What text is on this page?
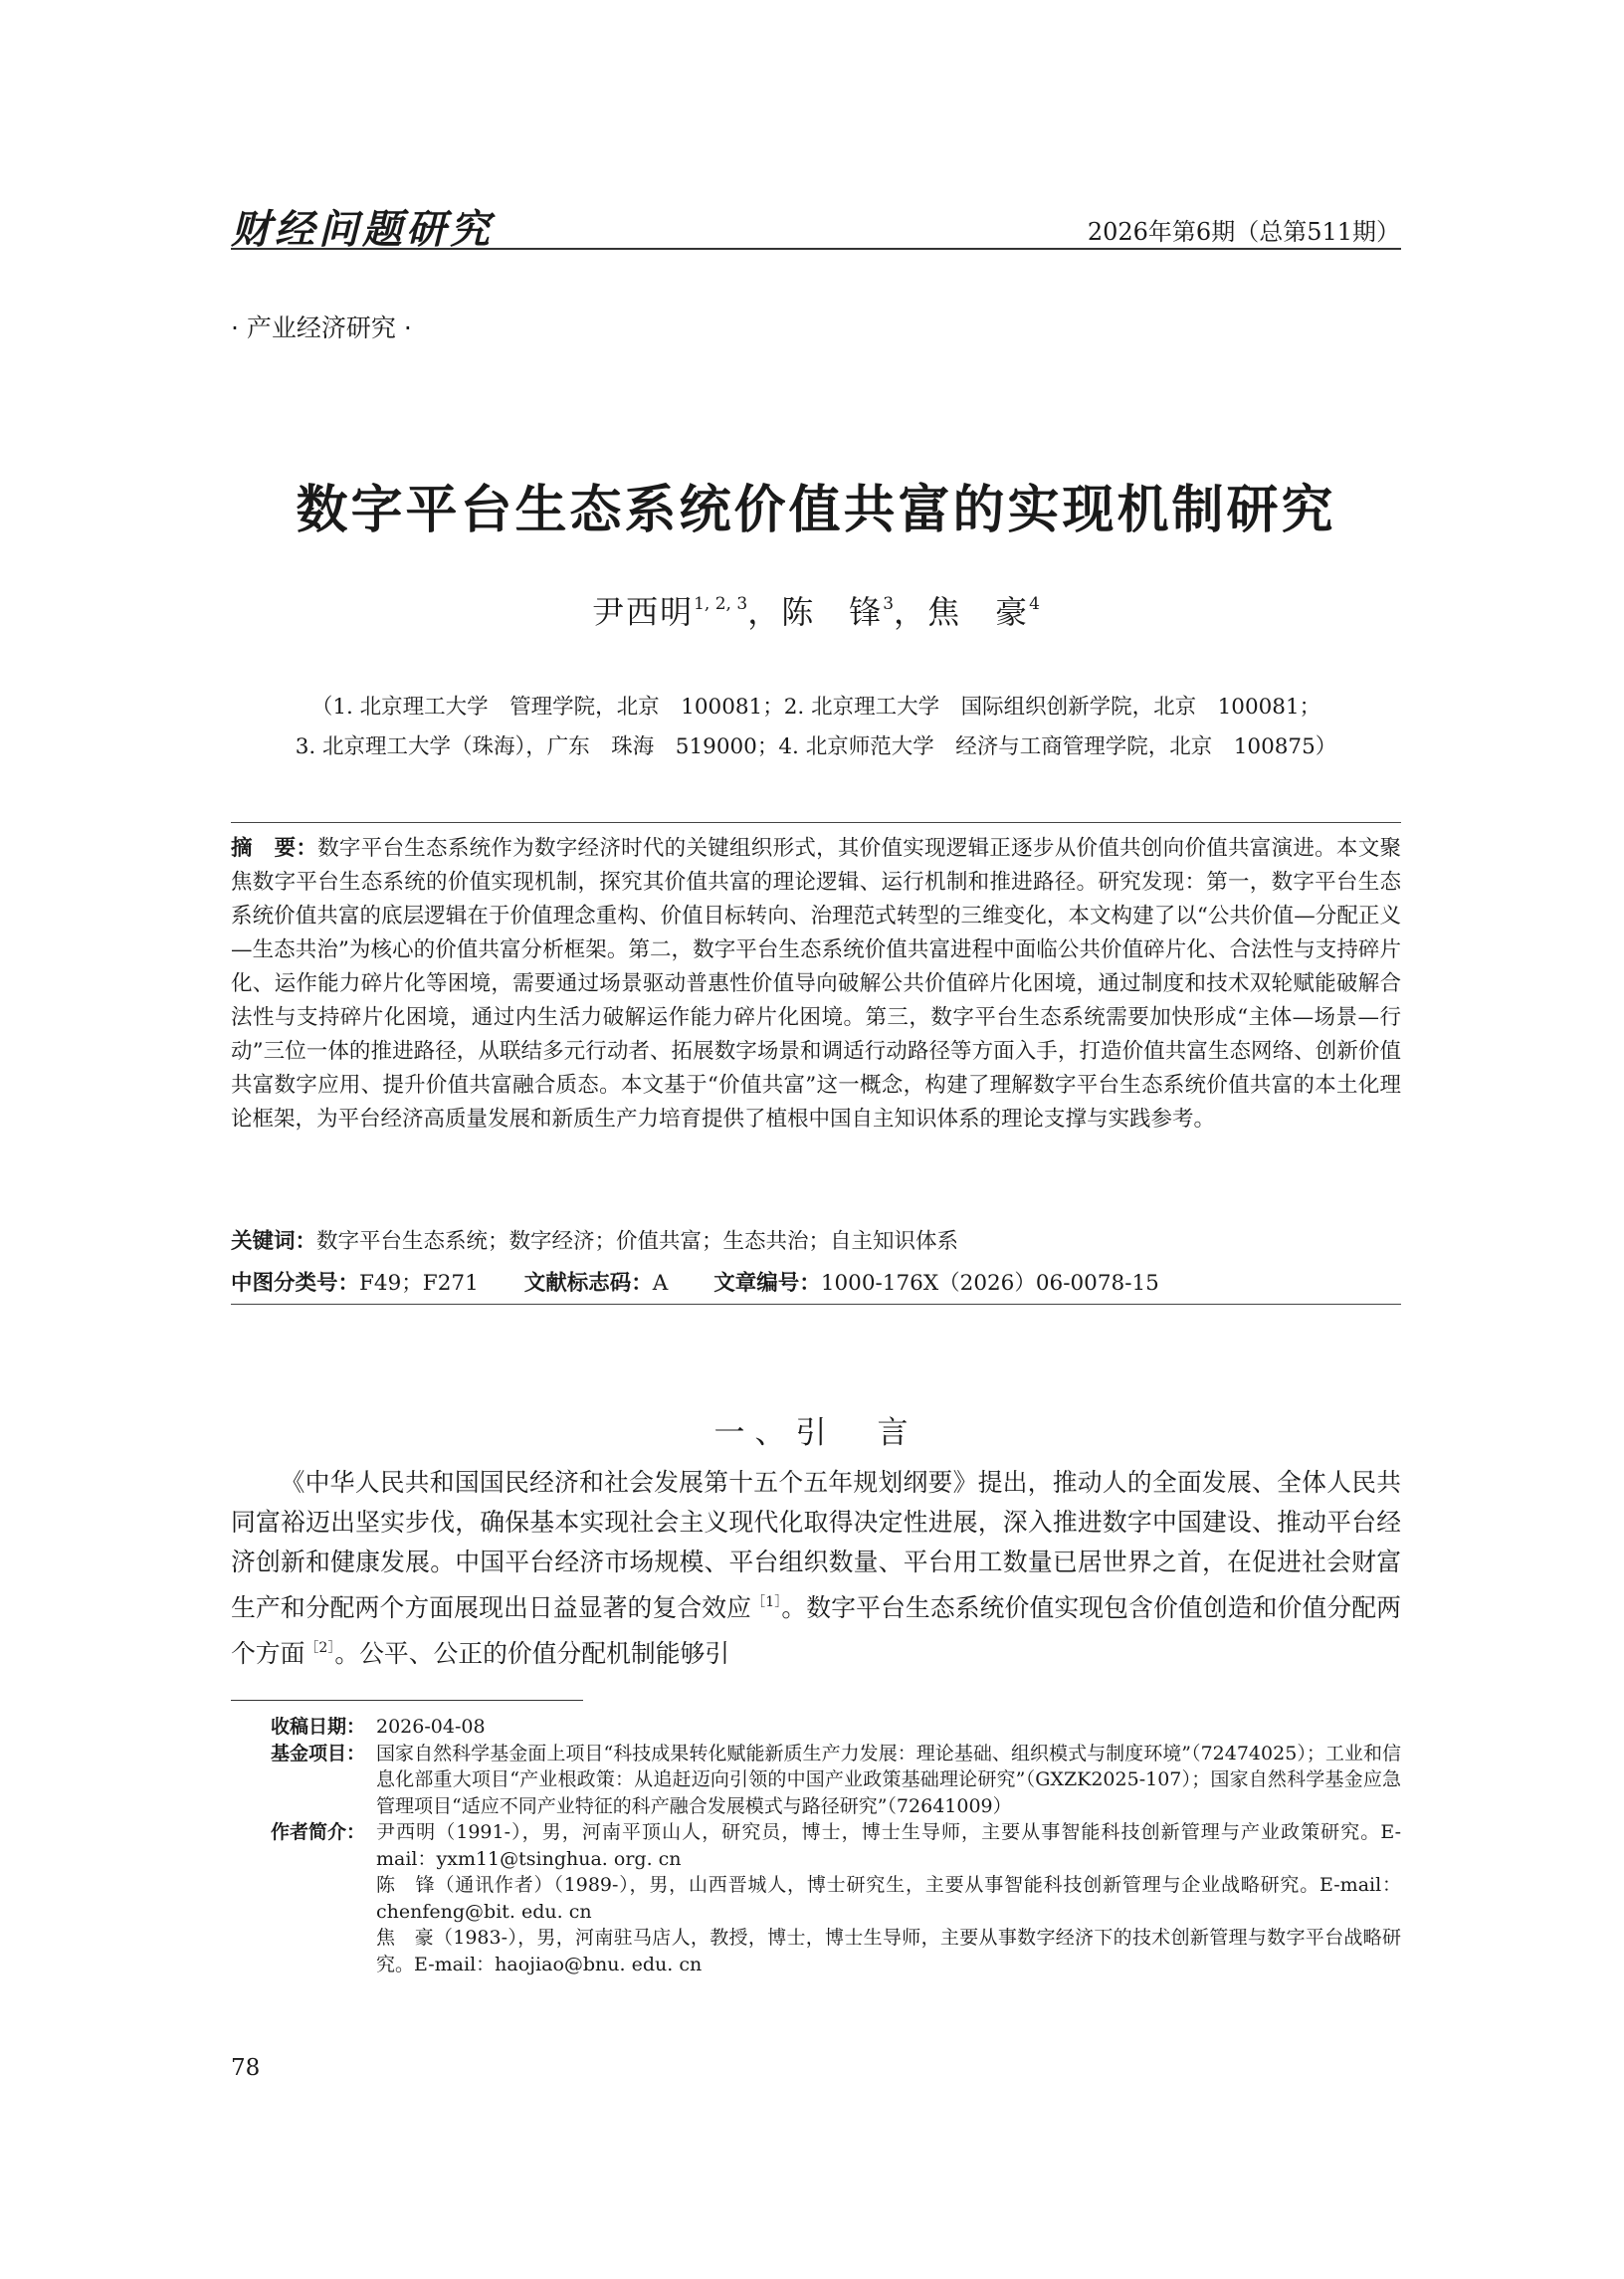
财经问题研究	2026年第6期（总第511期）
· 产业经济研究 ·
数字平台生态系统价值共富的实现机制研究
尹西明$^{1, 2, 3}$，陈　锋$^3$，焦　豪$^4$
（1. 北京理工大学　管理学院，北京　100081；2. 北京理工大学　国际组织创新学院，北京　100081；
3. 北京理工大学（珠海），广东　珠海　519000；4. 北京师范大学　经济与工商管理学院，北京　100875）
摘　要：数字平台生态系统作为数字经济时代的关键组织形式，其价值实现逻辑正逐步从价值共创向价值共富演进。本文聚焦数字平台生态系统的价值实现机制，探究其价值共富的理论逻辑、运行机制和推进路径。研究发现：第一，数字平台生态系统价值共富的底层逻辑在于价值理念重构、价值目标转向、治理范式转型的三维变化，本文构建了以“公共价值—分配正义—生态共治”为核心的价值共富分析框架。第二，数字平台生态系统价值共富进程中面临公共价值碎片化、合法性与支持碎片化、运作能力碎片化等困境，需要通过场景驱动普惠性价值导向破解公共价值碎片化困境，通过制度和技术双轮赋能破解合法性与支持碎片化困境，通过内生活力破解运作能力碎片化困境。第三，数字平台生态系统需要加快形成“主体—场景—行动”三位一体的推进路径，从联结多元行动者、拓展数字场景和调适行动路径等方面入手，打造价值共富生态网络、创新价值共富数字应用、提升价值共富融合质态。本文基于“价值共富”这一概念，构建了理解数字平台生态系统价值共富的本土化理论框架，为平台经济高质量发展和新质生产力培育提供了植根中国自主知识体系的理论支撑与实践参考。
关键词：数字平台生态系统；数字经济；价值共富；生态共治；自主知识体系
中图分类号：F49；F271 文献标志码：A 文章编号：1000-176X（2026）06-0078-15
一、引　言
《中华人民共和国国民经济和社会发展第十五个五年规划纲要》提出，推动人的全面发展、全体人民共同富裕迈出坚实步伐，确保基本实现社会主义现代化取得决定性进展，深入推进数字中国建设、推动平台经济创新和健康发展。中国平台经济市场规模、平台组织数量、平台用工数量已居世界之首，在促进社会财富生产和分配两个方面展现出日益显著的复合效应$^{[1]}$。数字平台生态系统价值实现包含价值创造和价值分配两个方面$^{[2]}$。公平、公正的价值分配机制能够引
收稿日期： 2026-04-08
基金项目： 国家自然科学基金面上项目“科技成果转化赋能新质生产力发展：理论基础、组织模式与制度环境”（72474025）；工业和信息化部重大项目“产业根政策：从追赶迈向引领的中国产业政策基础理论研究”（GXZK2025-107）；国家自然科学基金应急管理项目“适应不同产业特征的科产融合发展模式与路径研究”（72641009）
作者简介： 尹西明（1991-），男，河南平顶山人，研究员，博士，博士生导师，主要从事智能科技创新管理与产业政策研究。E-mail：yxm11@tsinghua. org. cn
陈　锋（通讯作者）（1989-），男，山西晋城人，博士研究生，主要从事智能科技创新管理与企业战略研究。E-mail：chenfeng@bit. edu. cn
焦　豪（1983-），男，河南驻马店人，教授，博士，博士生导师，主要从事数字经济下的技术创新管理与数字平台战略研究。E-mail：haojiao@bnu. edu. cn
78
